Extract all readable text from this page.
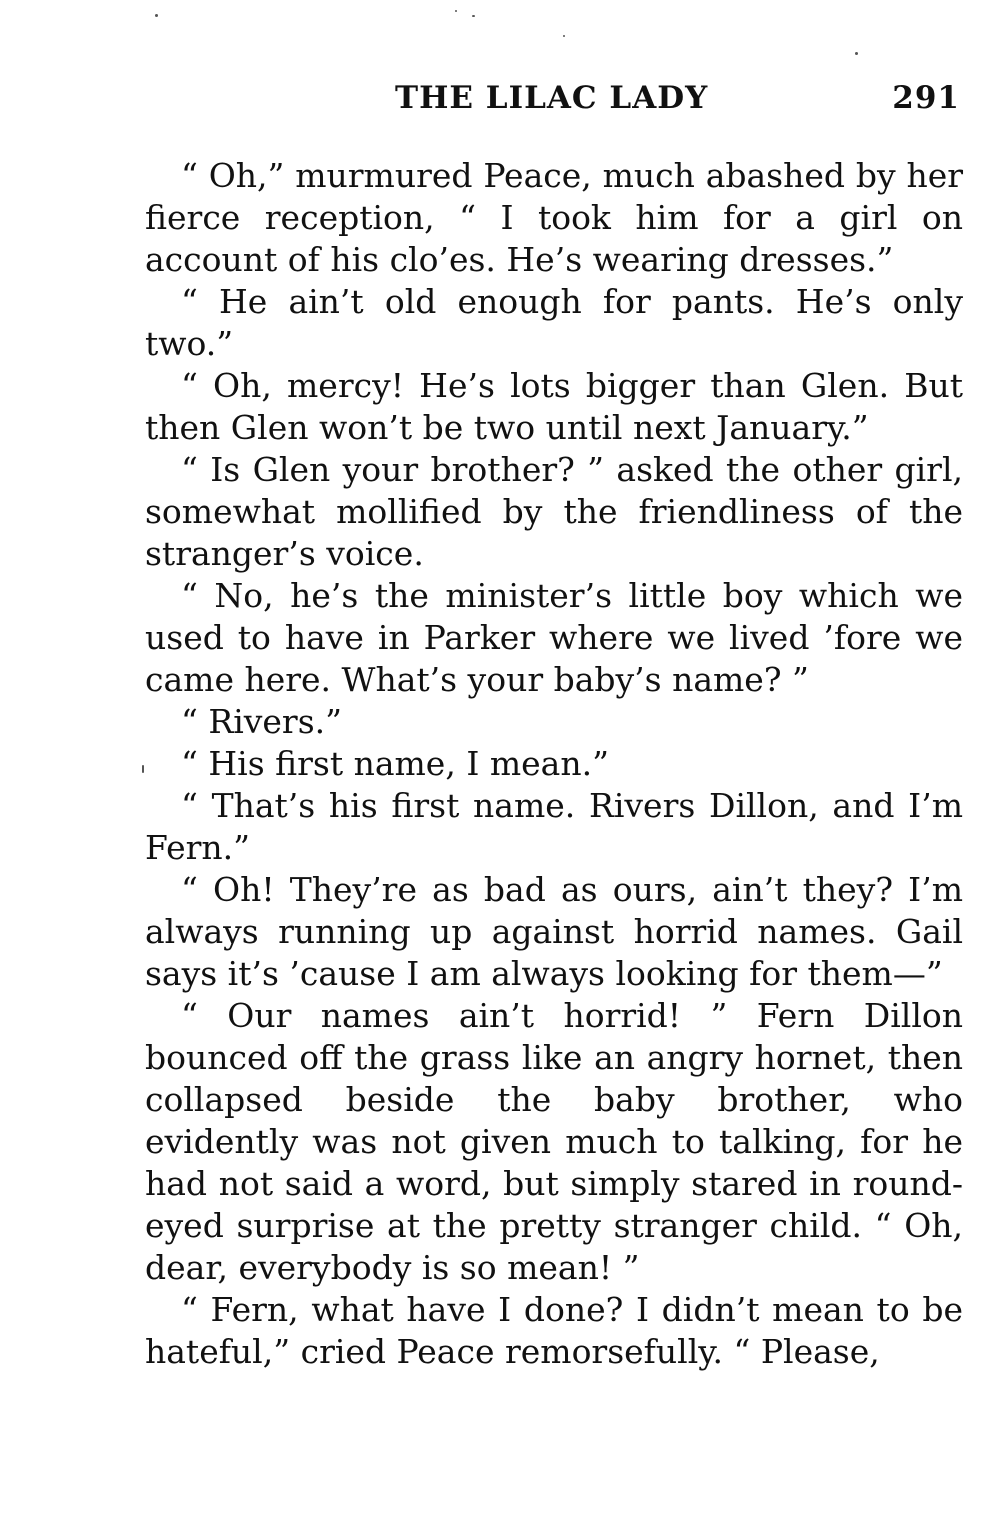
THE LILAC LADY	291

“ Oh,” murmured Peace, much abashed by her fierce reception, “ I took him for a girl on account of his clo’es. He’s wearing dresses.”

“ He ain’t old enough for pants. He’s only two.”

“ Oh, mercy! He’s lots bigger than Glen. But then Glen won’t be two until next January.”

“ Is Glen your brother? ” asked the other girl, somewhat mollified by the friendliness of the stranger’s voice.

“ No, he’s the minister’s little boy which we used to have in Parker where we lived ’fore we came here. What’s your baby’s name? ”

“ Rivers.”

“ His first name, I mean.”

“ That’s his first name. Rivers Dillon, and I’m Fern.”

“ Oh! They’re as bad as ours, ain’t they? I’m always running up against horrid names. Gail says it’s ’cause I am always looking for them—”

“ Our names ain’t horrid! ” Fern Dillon bounced off the grass like an angry hornet, then collapsed beside the baby brother, who evidently was not given much to talking, for he had not said a word, but simply stared in round-eyed surprise at the pretty stranger child. “ Oh, dear, everybody is so mean! ”

“ Fern, what have I done? I didn’t mean to be hateful,” cried Peace remorsefully. “ Please,
